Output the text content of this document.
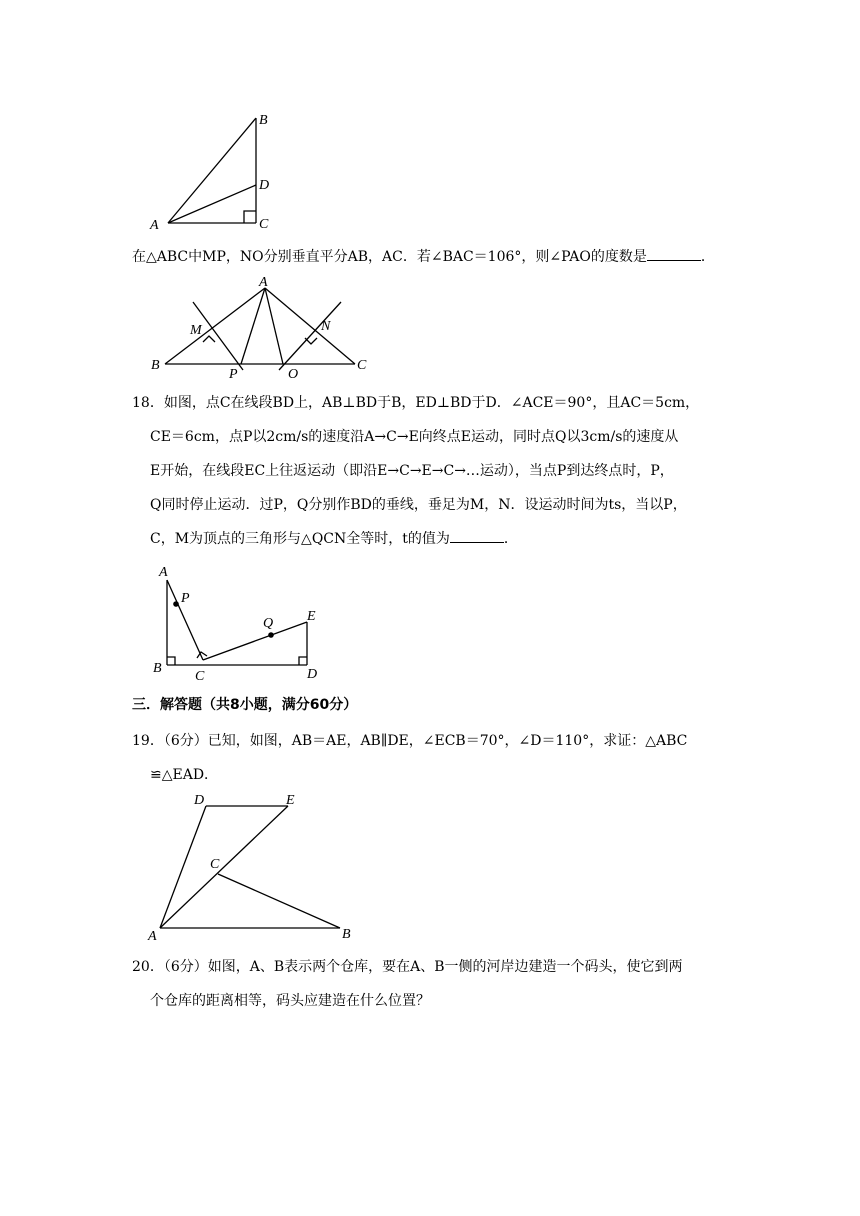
B
D
A	C
在△ABC中MP，NO分别垂直平分AB，AC．若∠BAC＝106°，则∠PAO的度数是	．
A
M	N
B
P	O
C
18．如图，点C在线段BD上，AB⊥BD于B，ED⊥BD于D．∠ACE＝90°，且AC＝5cm，
CE＝6cm，点P以2cm/s的速度沿A→C→E向终点E运动，同时点Q以3cm/s的速度从
E开始，在线段EC上往返运动（即沿E→C→E→C→…运动），当点P到达终点时，P，
Q同时停止运动．过P，Q分别作BD的垂线，垂足为M，N．设运动时间为ts，当以P，
C，M为顶点的三角形与△QCN全等时，t的值为	．
A
P
Q E
B
C	D
三．解答题（共8小题，满分60分）
19．（6分）已知，如图，AB＝AE，AB∥DE，∠ECB＝70°，∠D＝110°，求证：△ABC
≌△EAD．
D	E
C
A	B
20．（6分）如图，A、B表示两个仓库，要在A、B一侧的河岸边建造一个码头，使它到两
个仓库的距离相等，码头应建造在什么位置？
